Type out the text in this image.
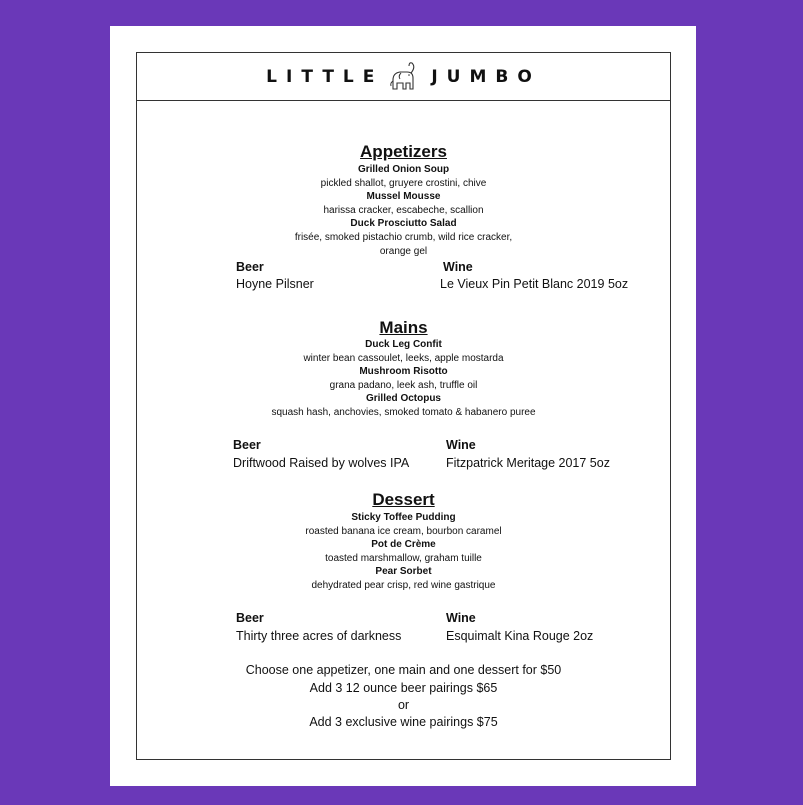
LITTLE	JUMBO
Appetizers
Grilled Onion Soup
pickled shallot, gruyere crostini, chive
Mussel Mousse
harissa cracker, escabeche, scallion
Duck Prosciutto Salad
frisée, smoked pistachio crumb, wild rice cracker,
orange gel
Beer	Wine
Hoyne Pilsner	Le Vieux Pin Petit Blanc 2019 5oz
Mains
Duck Leg Confit
winter bean cassoulet, leeks, apple mostarda
Mushroom Risotto
grana padano, leek ash, truffle oil
Grilled Octopus
squash hash, anchovies, smoked tomato & habanero puree
Beer	Wine
Driftwood Raised by wolves IPA	Fitzpatrick Meritage 2017 5oz
Dessert
Sticky Toffee Pudding
roasted banana ice cream, bourbon caramel
Pot de Crème
toasted marshmallow, graham tuille
Pear Sorbet
dehydrated pear crisp, red wine gastrique
Beer	Wine
Thirty three acres of darkness	Esquimalt Kina Rouge 2oz
Choose one appetizer, one main and one dessert for $50
Add 3 12 ounce beer pairings $65
or
Add 3 exclusive wine pairings $75
